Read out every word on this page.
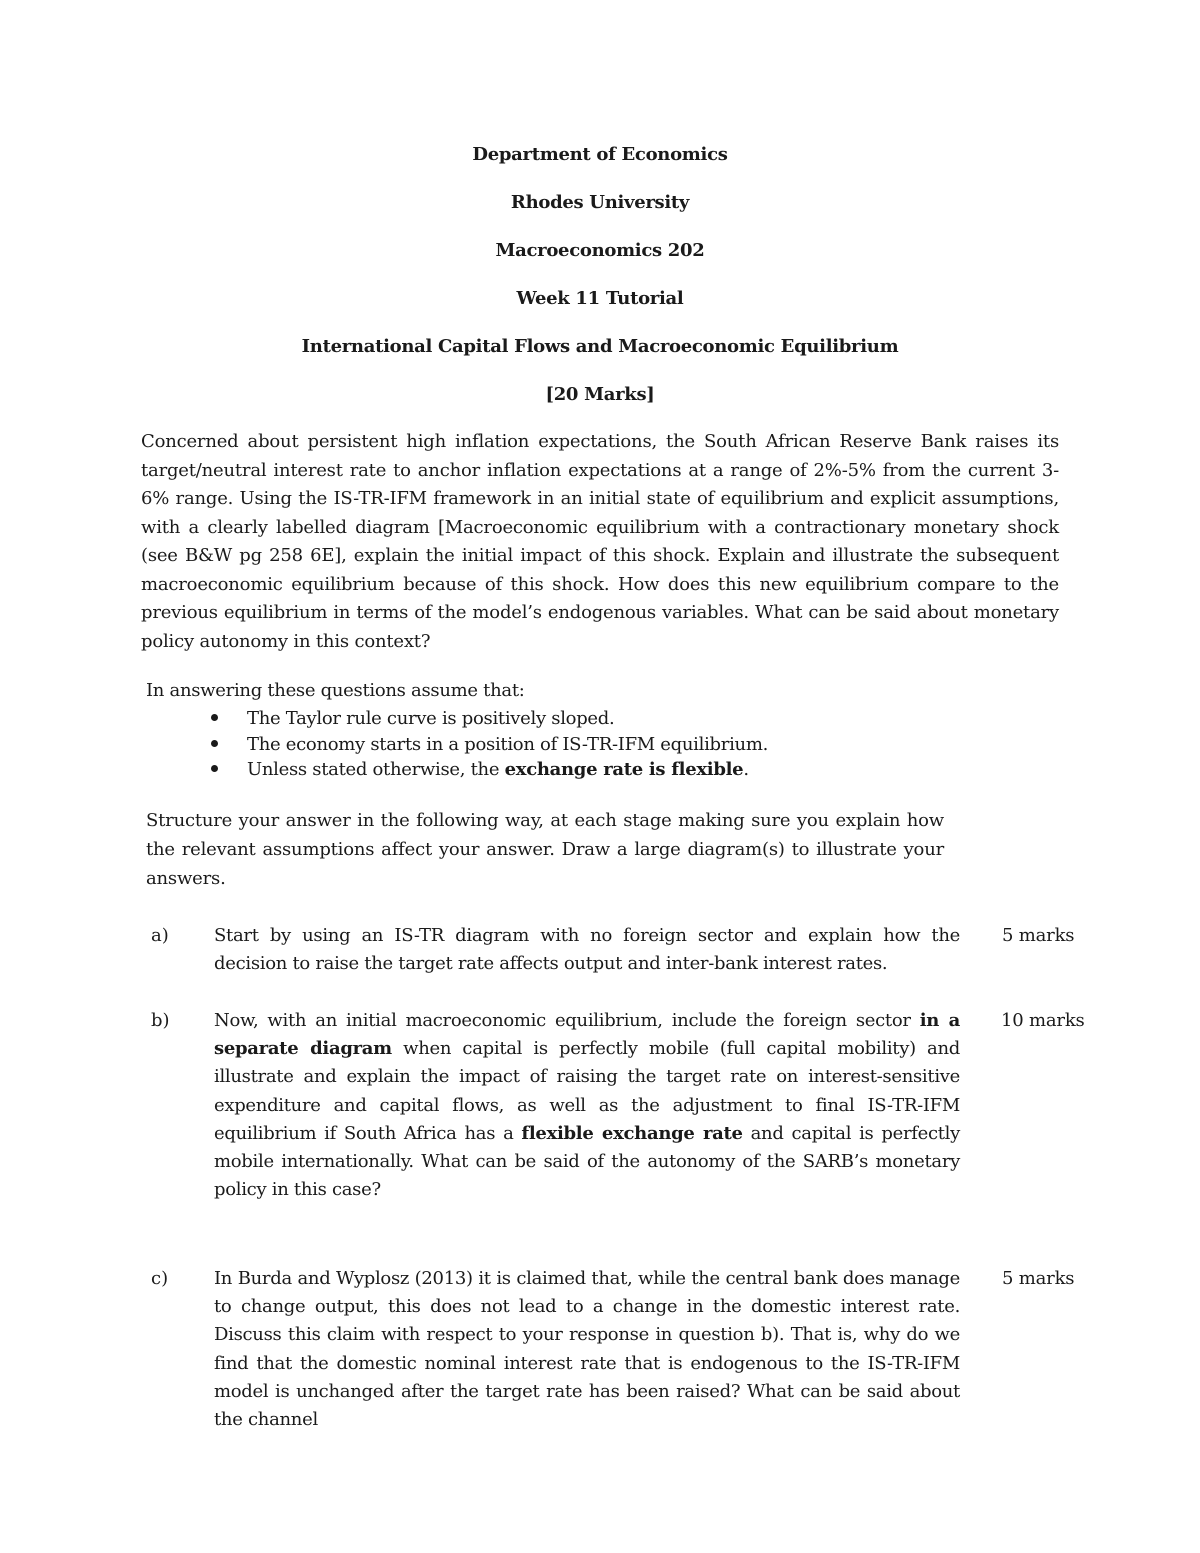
Department of Economics
Rhodes University
Macroeconomics 202
Week 11 Tutorial
International Capital Flows and Macroeconomic Equilibrium
[20 Marks]
Concerned about persistent high inflation expectations, the South African Reserve Bank raises its target/neutral interest rate to anchor inflation expectations at a range of 2%-5% from the current 3-6% range. Using the IS-TR-IFM framework in an initial state of equilibrium and explicit assumptions, with a clearly labelled diagram [Macroeconomic equilibrium with a contractionary monetary shock (see B&W pg 258 6E], explain the initial impact of this shock. Explain and illustrate the subsequent macroeconomic equilibrium because of this shock. How does this new equilibrium compare to the previous equilibrium in terms of the model’s endogenous variables. What can be said about monetary policy autonomy in this context?
In answering these questions assume that:
The Taylor rule curve is positively sloped.
The economy starts in a position of IS-TR-IFM equilibrium.
Unless stated otherwise, the exchange rate is flexible.
Structure your answer in the following way, at each stage making sure you explain how the relevant assumptions affect your answer. Draw a large diagram(s) to illustrate your answers.
a)	Start by using an IS-TR diagram with no foreign sector and explain how the decision to raise the target rate affects output and inter-bank interest rates.
5 marks
b) Now, with an initial macroeconomic equilibrium, include the foreign sector in a separate diagram when capital is perfectly mobile (full capital mobility) and illustrate and explain the impact of raising the target rate on interest-sensitive expenditure and capital flows, as well as the adjustment to final IS-TR-IFM equilibrium if South Africa has a flexible exchange rate and capital is perfectly mobile internationally. What can be said of the autonomy of the SARB’s monetary policy in this case?
10 marks
c)	In Burda and Wyplosz (2013) it is claimed that, while the central bank does manage to change output, this does not lead to a change in the domestic interest rate. Discuss this claim with respect to your response in question b). That is, why do we find that the domestic nominal interest rate that is endogenous to the IS-TR-IFM model is unchanged after the target rate has been raised? What can be said about the channel
5 marks
